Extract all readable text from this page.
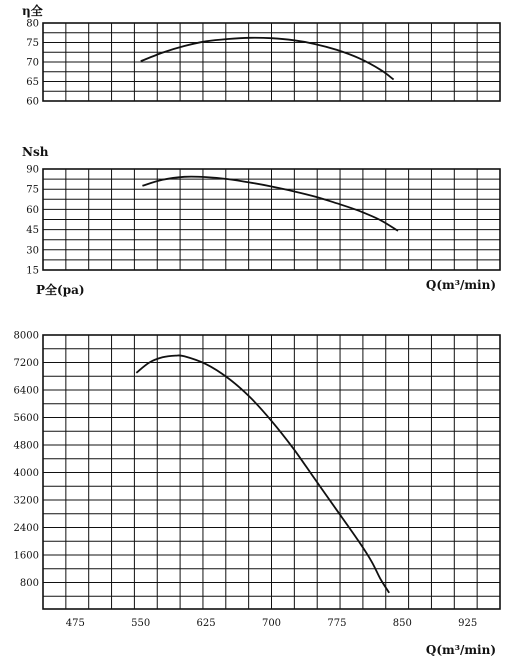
η全
80
75
70
65
60
Nsh
90
75
60
45
30
15
Q(m³/min)
P全(pa)
8000
7200
6400
5600
4800
4000
3200
2400
1600
800
475	550	625	700	775	850	925
Q(m³/min)
